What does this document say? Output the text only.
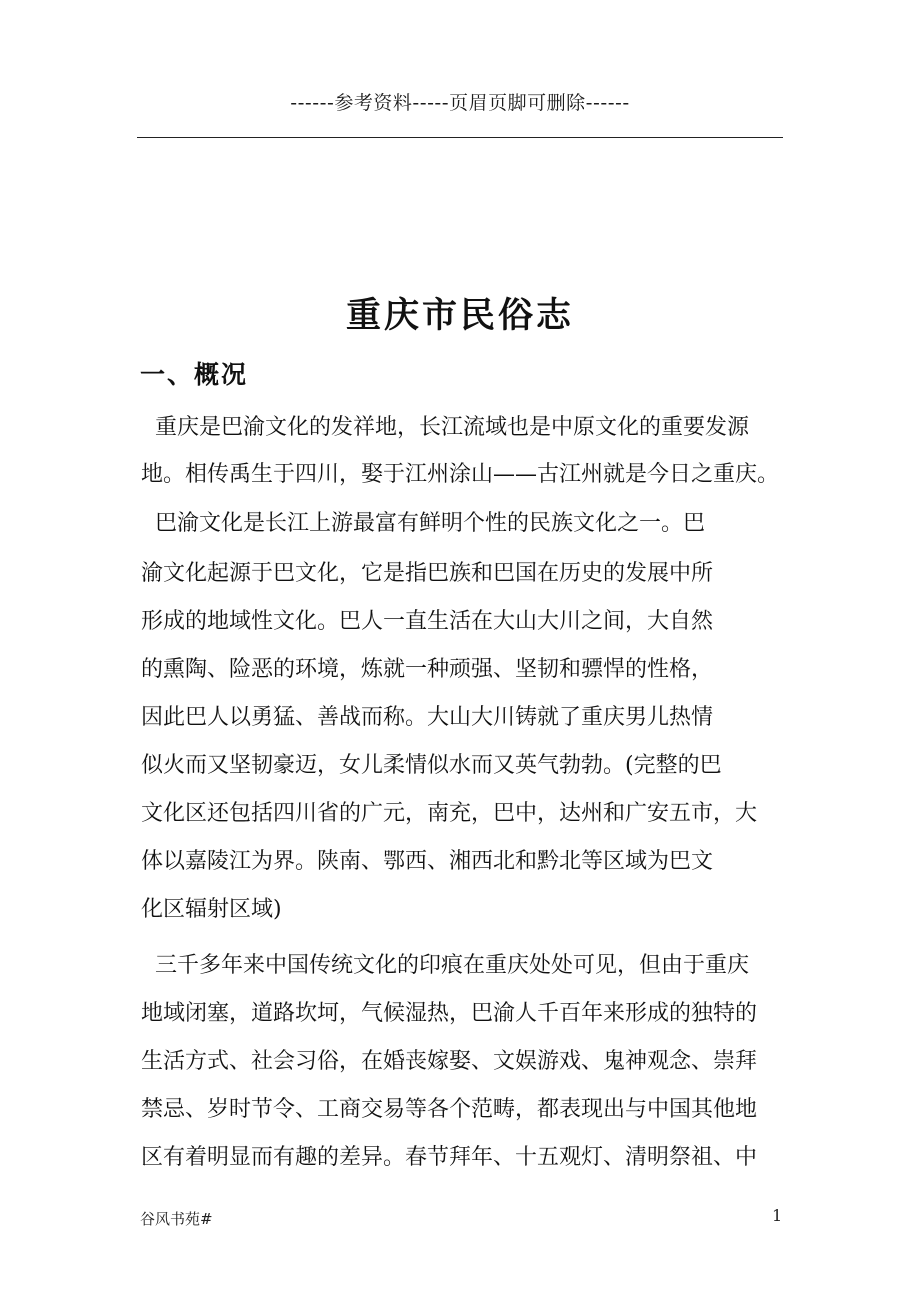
------参考资料-----页眉页脚可删除------
重庆市民俗志
一、概况
重庆是巴渝文化的发祥地，长江流域也是中原文化的重要发源
地。相传禹生于四川，娶于江州涂山——古江州就是今日之重庆。
巴渝文化是长江上游最富有鲜明个性的民族文化之一。巴
渝文化起源于巴文化，它是指巴族和巴国在历史的发展中所
形成的地域性文化。巴人一直生活在大山大川之间，大自然
的熏陶、险恶的环境，炼就一种顽强、坚韧和骠悍的性格，
因此巴人以勇猛、善战而称。大山大川铸就了重庆男儿热情
似火而又坚韧豪迈，女儿柔情似水而又英气勃勃。(完整的巴
文化区还包括四川省的广元，南充，巴中，达州和广安五市，大
体以嘉陵江为界。陕南、鄂西、湘西北和黔北等区域为巴文
化区辐射区域)
三千多年来中国传统文化的印痕在重庆处处可见，但由于重庆
地域闭塞，道路坎坷，气候湿热，巴渝人千百年来形成的独特的
生活方式、社会习俗，在婚丧嫁娶、文娱游戏、鬼神观念、崇拜
禁忌、岁时节令、工商交易等各个范畴，都表现出与中国其他地
区有着明显而有趣的差异。春节拜年、十五观灯、清明祭祖、中
谷风书苑#	1
